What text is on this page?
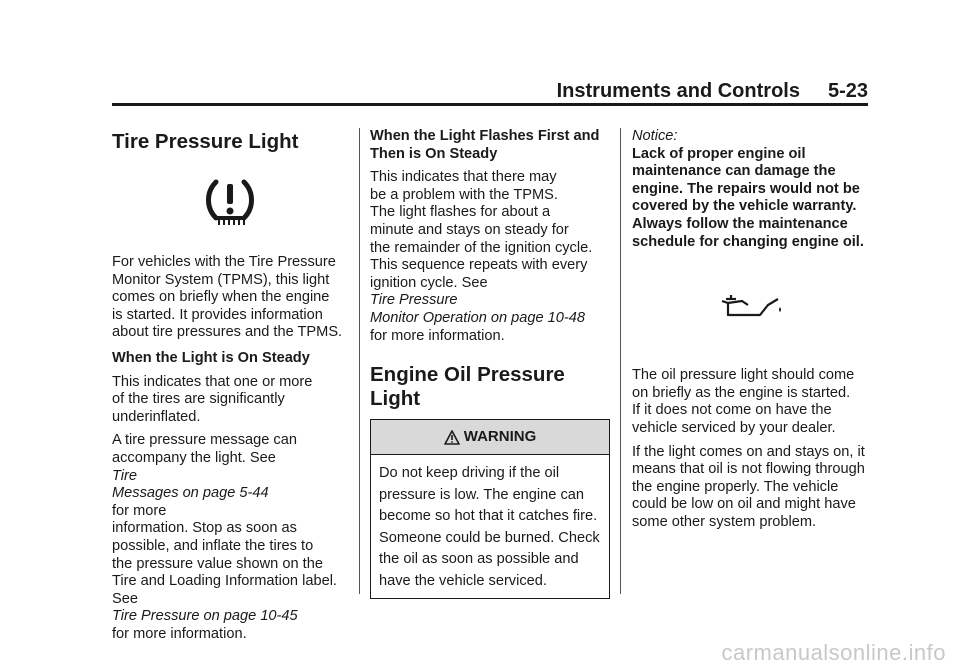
Instruments and Controls 5-23
Tire Pressure Light

For vehicles with the Tire Pressure
Monitor System (TPMS), this light
comes on briefly when the engine
is started. It provides information
about tire pressures and the TPMS.

When the Light is On Steady

This indicates that one or more
of the tires are significantly
underinflated.

A tire pressure message can
accompany the light. See
Tire
Messages on page 5-44
for more
information. Stop as soon as
possible, and inflate the tires to
the pressure value shown on the
Tire and Loading Information label.
See
Tire Pressure on page 10-45
for more information.

When the Light Flashes First and
Then is On Steady

This indicates that there may
be a problem with the TPMS.
The light flashes for about a
minute and stays on steady for
the remainder of the ignition cycle.
This sequence repeats with every
ignition cycle. See
Tire Pressure
Monitor Operation on page 10-48
for more information.

Engine Oil Pressure Light
WARNING
Do not keep driving if the oil
pressure is low. The engine can
become so hot that it catches fire.
Someone could be burned. Check
the oil as soon as possible and
have the vehicle serviced.

Notice:
Lack of proper engine oil
maintenance can damage the
engine. The repairs would not be
covered by the vehicle warranty.
Always follow the maintenance
schedule for changing engine oil.

The oil pressure light should come
on briefly as the engine is started.
If it does not come on have the
vehicle serviced by your dealer.

If the light comes on and stays on, it
means that oil is not flowing through
the engine properly. The vehicle
could be low on oil and might have
some other system problem.

carmanualsonline.info
